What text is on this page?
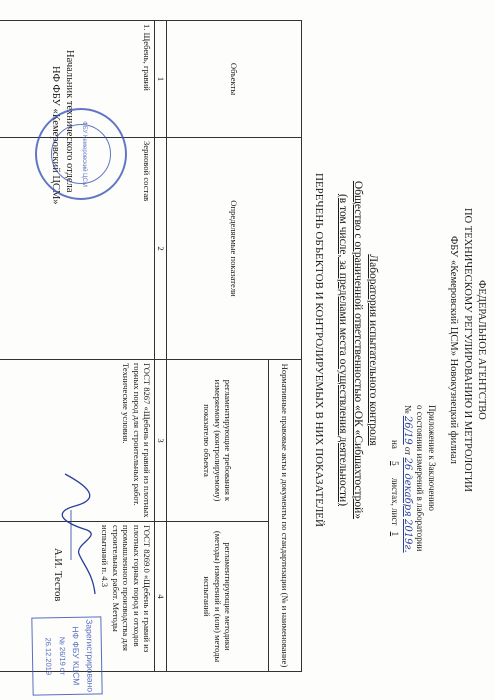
ФЕДЕРАЛЬНОЕ АГЕНТСТВО
ПО ТЕХНИЧЕСКОМУ РЕГУЛИРОВАНИЮ И МЕТРОЛОГИИ
ФБУ «Кемеровский ЦСМ» Новокузнецкий филиал
Приложение к Заключению
о состоянии измерений в лаборатории
№ 26/19 от 26 декабря 2019г.
на 5 листах, лист 1
Лаборатория испытательного контроля
Общество с ограниченной ответственностью «ОК «Сибшахтострой»
(в том числе, за пределами места осуществления деятельности)
ПЕРЕЧЕНЬ ОБЪЕКТОВ И КОНТРОЛИРУЕМЫХ В НИХ ПОКАЗАТЕЛЕЙ
Объекты	Определяемые показатели	Нормативные правовые акты и документы по стандартизации (№ и наименование)	
		регламентирующие требования к измеряемому (контролируемому) показателю объекта	регламентирующие методики (методы) измерений и (или) методы испытаний
1	2	3	4
1. Щебень, гравий	Зерновой состав	ГОСТ 8267 «Щебень и гравий из плотных горных пород для строительных работ. Технические условия.	ГОСТ 8269.0 «Щебень и гравий из плотных горных пород и отходов промышленного производства для строительных работ. Методы испытаний п. 4.3
Начальник технического отдела
НФ ФБУ «Кемеровский ЦСМ»
А.И. Тестов
ФБУ Кемеровский ЦСМ
Зарегистрировано
НФ ФБУ КЦСМ
№ 26/19 от 26.12.2019
